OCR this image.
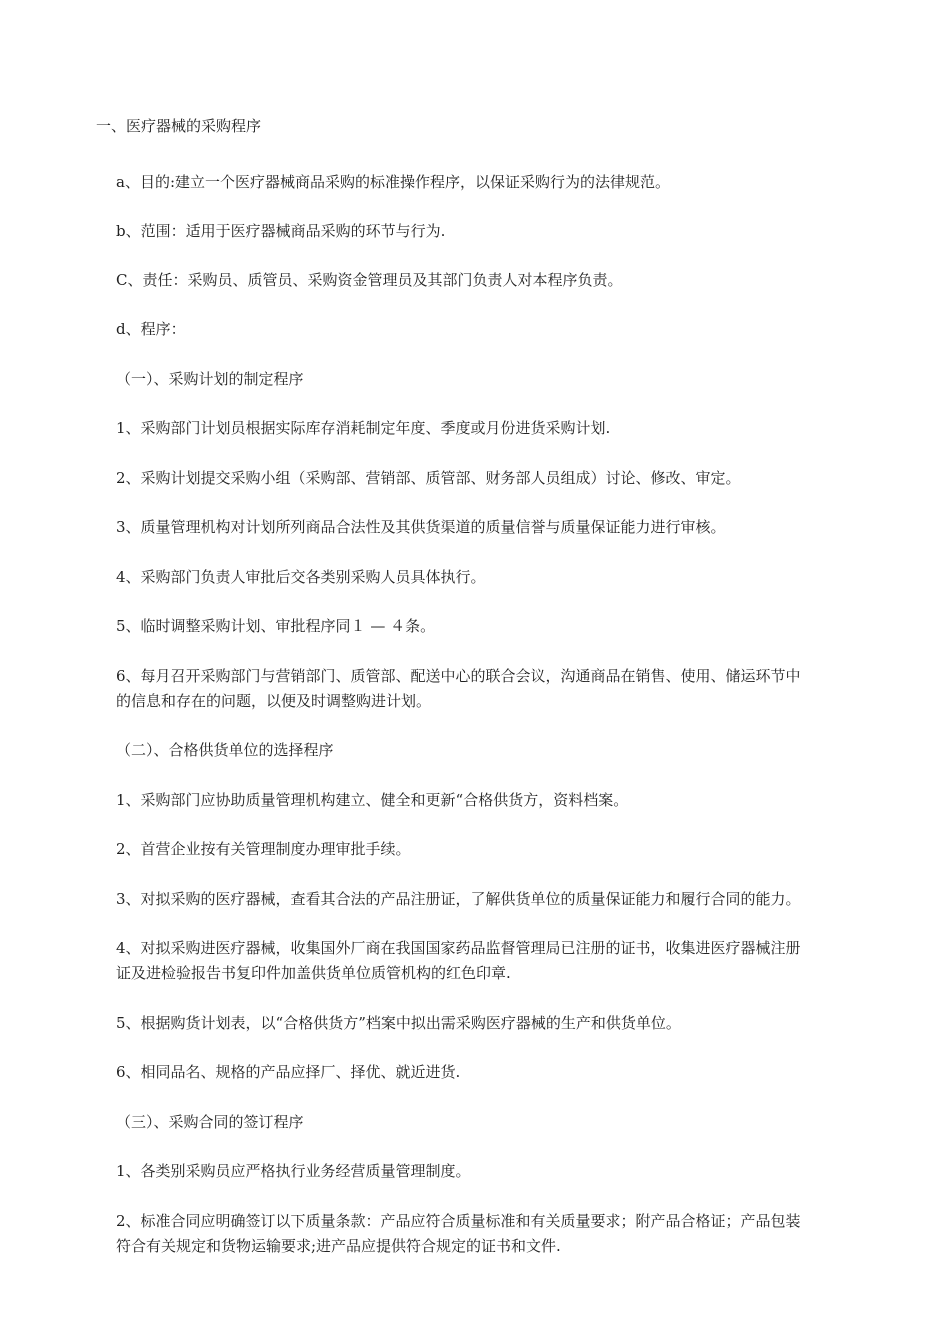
一、医疗器械的采购程序
a、目的:建立一个医疗器械商品采购的标准操作程序，以保证采购行为的法律规范。
b、范围：适用于医疗器械商品采购的环节与行为.
C、责任：采购员、质管员、采购资金管理员及其部门负责人对本程序负责。
d、程序：
（一）、采购计划的制定程序
1、采购部门计划员根据实际库存消耗制定年度、季度或月份进货采购计划.
2、采购计划提交采购小组（采购部、营销部、质管部、财务部人员组成）讨论、修改、审定。
3、质量管理机构对计划所列商品合法性及其供货渠道的质量信誉与质量保证能力进行审核。
4、采购部门负责人审批后交各类别采购人员具体执行。
5、临时调整采购计划、审批程序同１ — ４条。
6、每月召开采购部门与营销部门、质管部、配送中心的联合会议，沟通商品在销售、使用、储运环节中
的信息和存在的问题，以便及时调整购进计划。
（二）、合格供货单位的选择程序
1、采购部门应协助质量管理机构建立、健全和更新“合格供货方，资料档案。
2、首营企业按有关管理制度办理审批手续。
3、对拟采购的医疗器械，查看其合法的产品注册证，了解供货单位的质量保证能力和履行合同的能力。
4、对拟采购进医疗器械，收集国外厂商在我国国家药品监督管理局已注册的证书，收集进医疗器械注册
证及进检验报告书复印件加盖供货单位质管机构的红色印章.
5、根据购货计划表，以“合格供货方”档案中拟出需采购医疗器械的生产和供货单位。
6、相同品名、规格的产品应择厂、择优、就近进货.
（三）、采购合同的签订程序
1、各类别采购员应严格执行业务经营质量管理制度。
2、标准合同应明确签订以下质量条款：产品应符合质量标准和有关质量要求；附产品合格证；产品包装
符合有关规定和货物运输要求;进产品应提供符合规定的证书和文件.
